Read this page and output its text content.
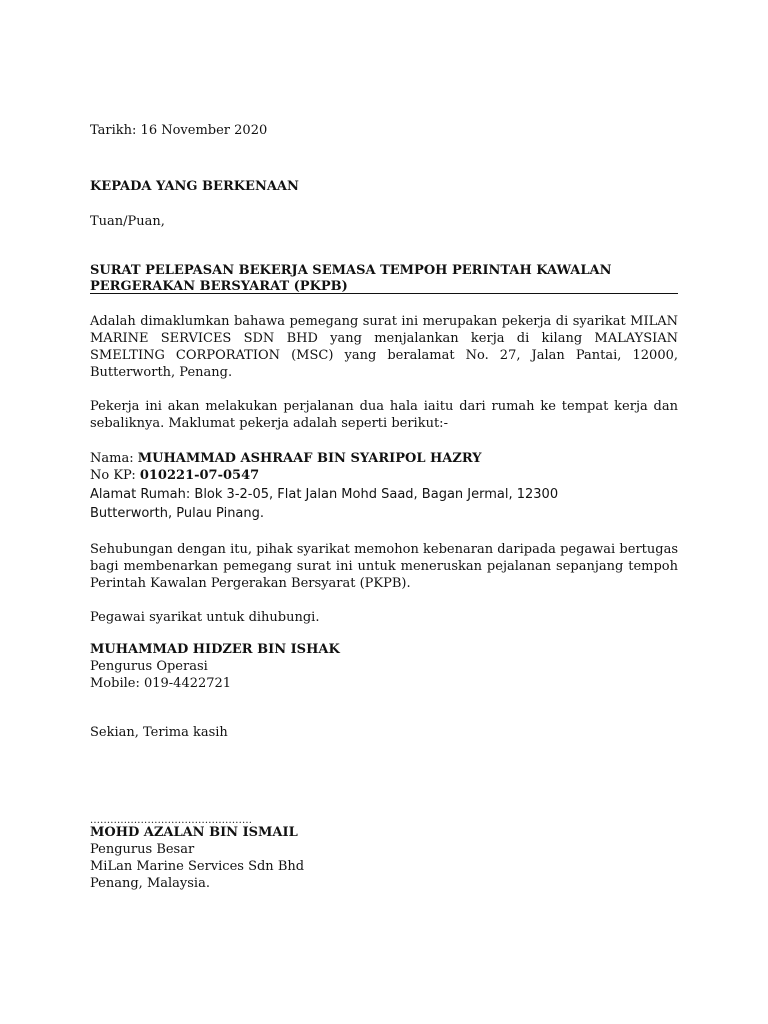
Tarikh: 16 November 2020
KEPADA YANG BERKENAAN
Tuan/Puan,
SURAT PELEPASAN BEKERJA SEMASA TEMPOH PERINTAH KAWALAN
PERGERAKAN BERSYARAT (PKPB)
Adalah dimaklumkan bahawa pemegang surat ini merupakan pekerja di syarikat MILAN MARINE SERVICES SDN BHD yang menjalankan kerja di kilang MALAYSIAN SMELTING CORPORATION (MSC) yang beralamat No. 27, Jalan Pantai, 12000, Butterworth, Penang.
Pekerja ini akan melakukan perjalanan dua hala iaitu dari rumah ke tempat kerja dan sebaliknya. Maklumat pekerja adalah seperti berikut:-
Nama: MUHAMMAD ASHRAAF BIN SYARIPOL HAZRY
No KP: 010221-07-0547
Alamat Rumah: Blok 3-2-05, Flat Jalan Mohd Saad, Bagan Jermal, 12300
Butterworth, Pulau Pinang.
Sehubungan dengan itu, pihak syarikat memohon kebenaran daripada pegawai bertugas bagi membenarkan pemegang surat ini untuk meneruskan pejalanan sepanjang tempoh Perintah Kawalan Pergerakan Bersyarat (PKPB).
Pegawai syarikat untuk dihubungi.
MUHAMMAD HIDZER BIN ISHAK
Pengurus Operasi
Mobile: 019-4422721
Sekian, Terima kasih
................................................
MOHD AZALAN BIN ISMAIL
Pengurus Besar
MiLan Marine Services Sdn Bhd
Penang, Malaysia.
